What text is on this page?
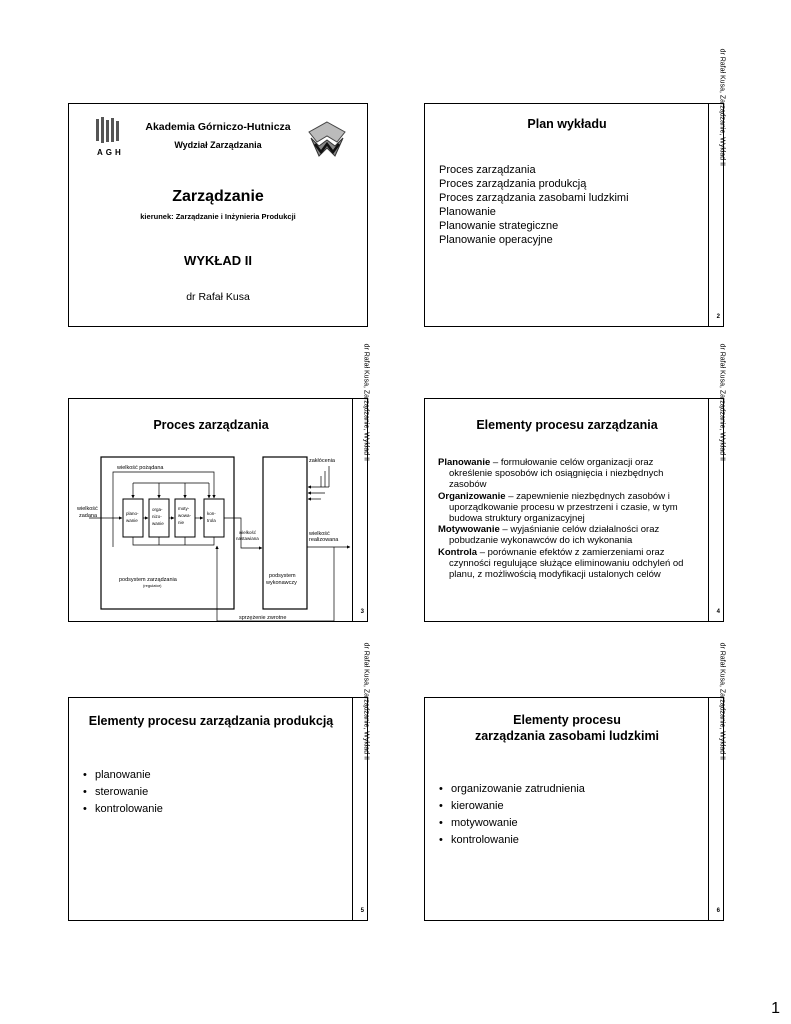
AGH
Akademia Górniczo-Hutnicza
Wydział Zarządzania
Zarządzanie
kierunek: Zarządzanie i Inżynieria Produkcji
WYKŁAD II
dr Rafał Kusa
Plan wykładu
Proces zarządzania
Proces zarządzania produkcją
Proces zarządzania zasobami ludzkimi
Planowanie
Planowanie strategiczne
Planowanie operacyjne
dr Rafał Kusa, Zarządzanie, Wykład II
2
Proces zarządzania
wielkość pożądana
plano-
wanie
orga-
nizo-
wanie
moty-
wowa-
nie
kon-
trola
wielkość
zadana
wielkość
nastawiana
zakłócenia
wielkość
realizowana
sprzężenie zwrotne
podsystem zarządzania
(regulator)
podsystem
wykonawczy
dr Rafał Kusa, Zarządzanie, Wykład II
3
Elementy procesu zarządzania

Planowanie – formułowanie celów organizacji oraz określenie sposobów ich osiągnięcia i niezbędnych zasobów

Organizowanie – zapewnienie niezbędnych zasobów i uporządkowanie procesu w przestrzeni i czasie, w tym budowa struktury organizacyjnej

Motywowanie – wyjaśnianie celów działalności oraz pobudzanie wykonawców do ich wykonania

Kontrola – porównanie efektów z zamierzeniami oraz czynności regulujące służące eliminowaniu odchyleń od planu, z możliwością modyfikacji ustalonych celów

dr Rafał Kusa, Zarządzanie, Wykład II
4
Elementy procesu zarządzania produkcją
• planowanie
• sterowanie
• kontrolowanie
dr Rafał Kusa, Zarządzanie, Wykład II
5
Elementy procesu
zarządzania zasobami ludzkimi
• organizowanie zatrudnienia
• kierowanie
• motywowanie
• kontrolowanie
dr Rafał Kusa, Zarządzanie, Wykład II
6
1
